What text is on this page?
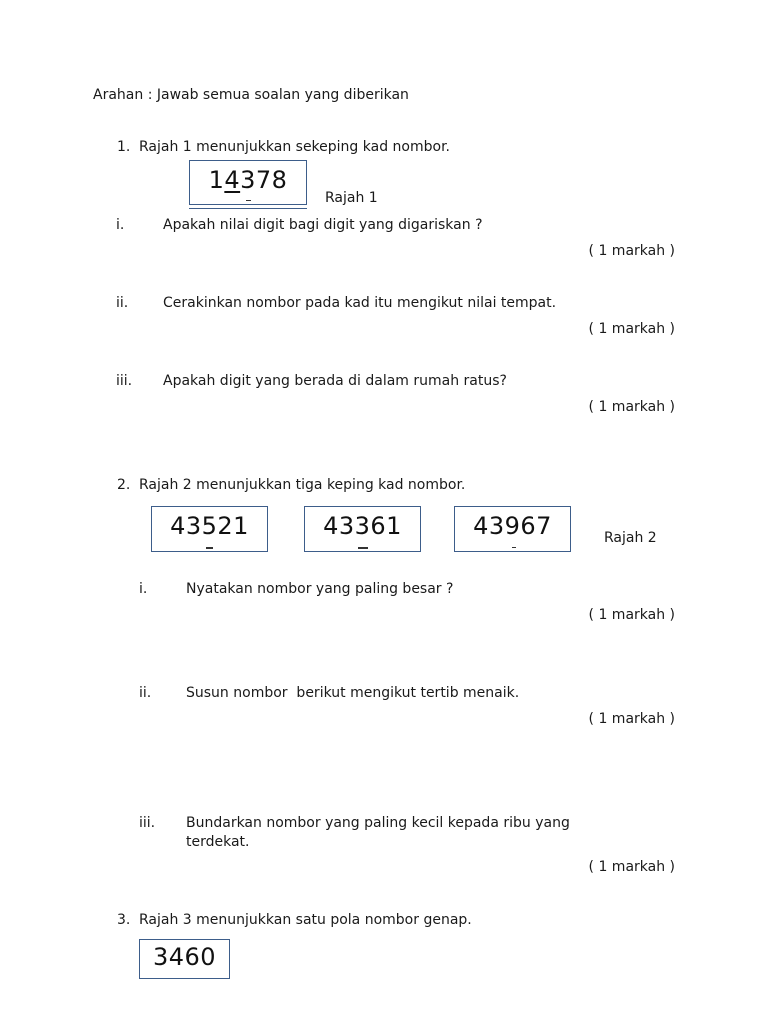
Arahan : Jawab semua soalan yang diberikan
1. Rajah 1 menunjukkan sekeping kad nombor.
14378
Rajah 1
i.	Apakah nilai digit bagi digit yang digariskan ?
( 1 markah )
ii. Cerakinkan nombor pada kad itu mengikut nilai tempat.
( 1 markah )
iii. Apakah digit yang berada di dalam rumah ratus?
( 1 markah )
2. Rajah 2 menunjukkan tiga keping kad nombor.
43521	43361	43967	Rajah 2
i.	Nyatakan nombor yang paling besar ?
( 1 markah )
ii. Susun nombor  berikut mengikut tertib menaik.
( 1 markah )
iii. Bundarkan nombor yang paling kecil kepada ribu yang
terdekat.
( 1 markah )
3. Rajah 3 menunjukkan satu pola nombor genap.
3460
